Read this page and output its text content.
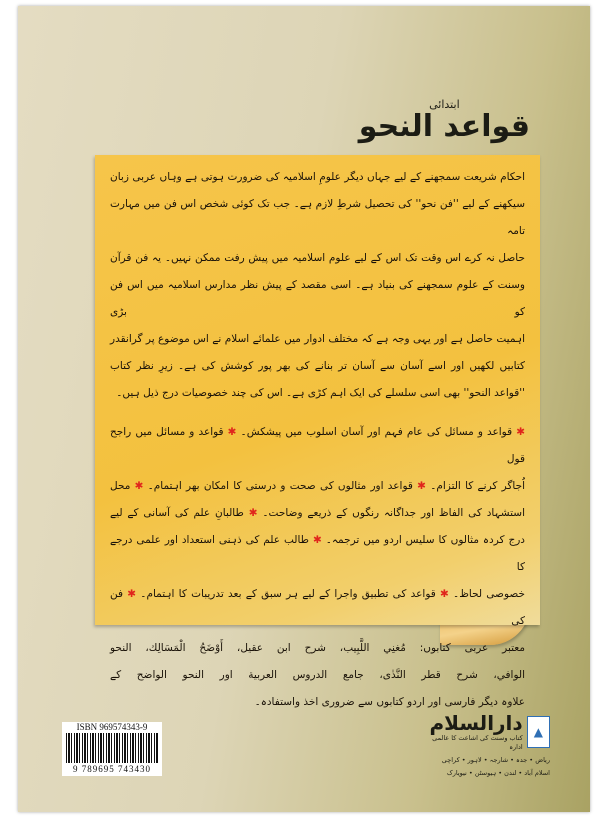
ابتدائی
قواعد النحو
احکام شریعت سمجھنے کے لیے جہاں دیگر علومِ اسلامیہ کی ضرورت ہوتی ہے وہاں عربی زبان
سیکھنے کے لیے ''فن نحو'' کی تحصیل شرطِ لازم ہے۔ جب تک کوئی شخص اس فن میں مہارت تامہ
حاصل نہ کرے اس وقت تک اس کے لیے علوم اسلامیہ میں پیش رفت ممکن نہیں۔ یہ فن قرآن
وسنت کے علوم سمجھنے کی بنیاد ہے۔ اسی مقصد کے پیش نظر مدارس اسلامیہ میں اس فن کو بڑی
اہمیت حاصل ہے اور یہی وجہ ہے کہ مختلف ادوار میں علمائے اسلام نے اس موضوع پر گرانقدر
کتابیں لکھیں اور اسے آسان سے آسان تر بنانے کی بھر پور کوشش کی ہے۔ زیرِ نظر کتاب
''قواعد النحو'' بھی اسی سلسلے کی ایک اہم کڑی ہے۔ اس کی چند خصوصیات درج ذیل ہیں۔
✱ قواعد و مسائل کی عام فہم اور آسان اسلوب میں پیشکش۔ ✱ قواعد و مسائل میں راجح قول
اُجاگر کرنے کا التزام۔ ✱ قواعد اور مثالوں کی صحت و درستی کا امکان بھر اہتمام۔ ✱ محل
استشہاد کی الفاظ اور جداگانہ رنگوں کے ذریعے وضاحت۔ ✱ طالبانِ علم کی آسانی کے لیے
درج کردہ مثالوں کا سلیس اردو میں ترجمہ۔ ✱ طالب علم کی ذہنی استعداد اور علمی درجے کا
خصوصی لحاظ۔ ✱ قواعد کی تطبیق واجرا کے لیے ہر سبق کے بعد تدریبات کا اہتمام۔ ✱ فن کی
معتبر عربی کتابوں: مُغنِي اللَّبِيب، شرح ابن عقيل، أَوْضَحُ الْمَسَالِك، النحو
الوافي، شرح قطر النَّدٰى، جامع الدروس العربية اور النحو الواضح کے
علاوہ دیگر فارسی اور اردو کتابوں سے ضروری اخذ واستفادہ۔
ISBN 969574343-9
9 789695 743430
▲
دارالسلام
کتاب وسنت کی اشاعت کا عالمی ادارہ
ریاض • جدہ • شارجہ • لاہور • کراچی
اسلام آباد • لندن • ہیوسٹن • نیویارک
